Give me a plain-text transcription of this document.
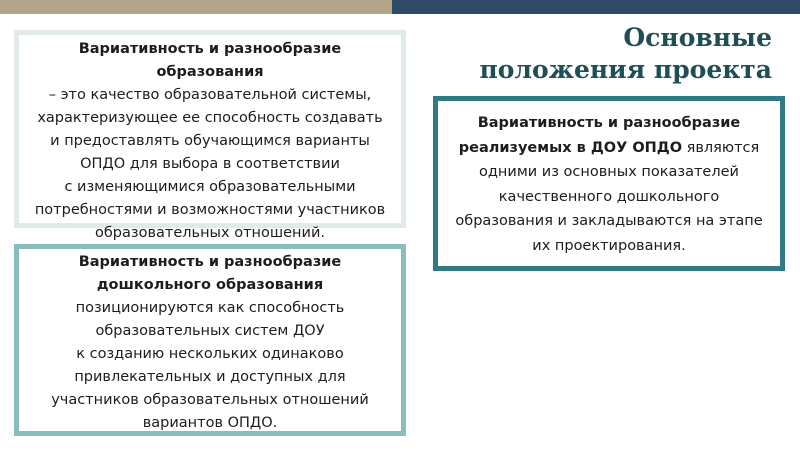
Основные
положения проекта
Вариативность и разнообразие образования
– это качество образовательной системы,
характеризующее ее способность создавать
и предоставлять обучающимся варианты
ОПДО для выбора в соответствии
с изменяющимися образовательными
потребностями и возможностями участников
образовательных отношений.
Вариативность и разнообразие
дошкольного образования
позиционируются как способность
образовательных систем ДОУ
к созданию нескольких одинаково
привлекательных и доступных для
участников образовательных отношений
вариантов ОПДО.
Вариативность и разнообразие
реализуемых в ДОУ ОПДО являются
одними из основных показателей
качественного дошкольного
образования и закладываются на этапе
их проектирования.
